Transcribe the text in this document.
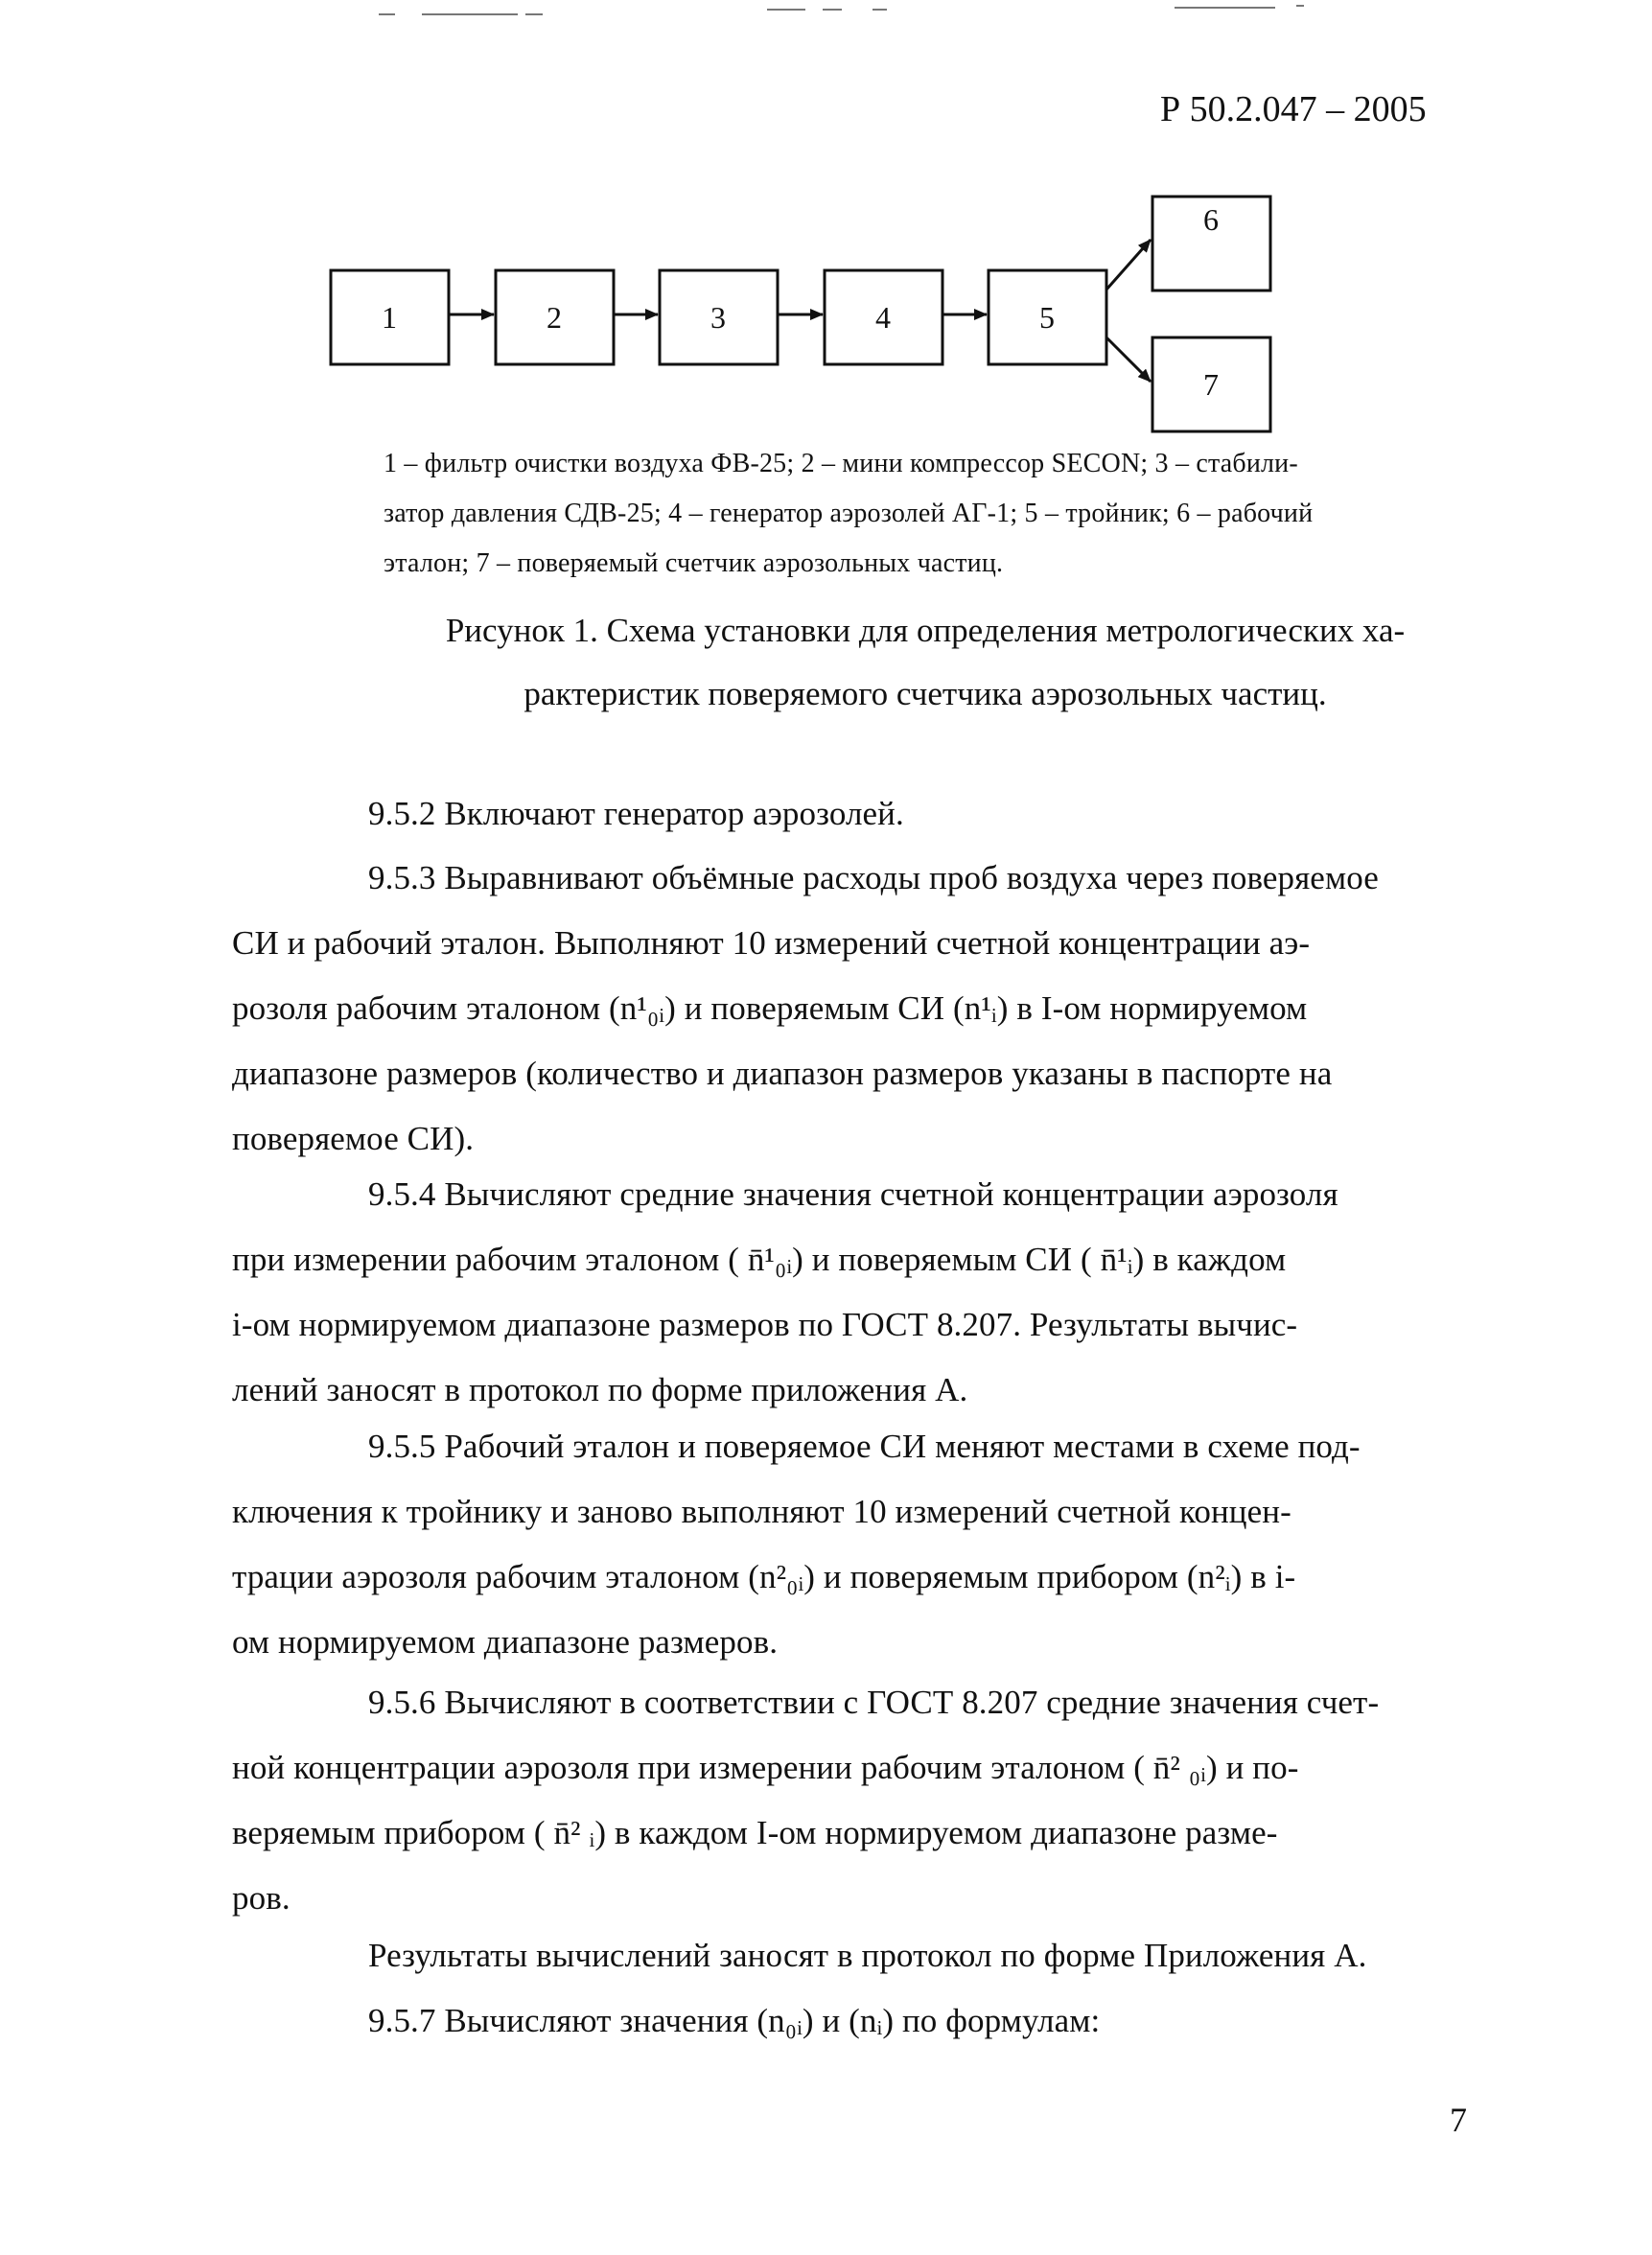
Р 50.2.047 – 2005
1	2	3	4	5
6
7
1 – фильтр очистки воздуха ФВ-25; 2 – мини компрессор SECON; 3 – стабили-
затор давления СДВ-25; 4 – генератор аэрозолей АГ-1; 5 – тройник; 6 – рабочий
эталон; 7 – поверяемый счетчик аэрозольных частиц.
Рисунок 1. Схема установки для определения метрологических ха-
рактеристик поверяемого счетчика аэрозольных частиц.
9.5.2 Включают генератор аэрозолей.
9.5.3 Выравнивают объёмные расходы проб воздуха через поверяемое
СИ и рабочий эталон. Выполняют 10 измерений счетной концентрации аэ-
розоля рабочим эталоном (n¹₀ᵢ) и поверяемым СИ (n¹ᵢ) в I-ом нормируемом
диапазоне размеров (количество и диапазон размеров указаны в паспорте на
поверяемое СИ).
9.5.4 Вычисляют средние значения счетной концентрации аэрозоля
при измерении рабочим эталоном ( n̄¹₀ᵢ) и поверяемым СИ ( n̄¹ᵢ) в каждом
i-ом нормируемом диапазоне размеров по ГОСТ 8.207. Результаты вычис-
лений заносят в протокол по форме приложения А.
9.5.5 Рабочий эталон и поверяемое СИ меняют местами в схеме под-
ключения к тройнику и заново выполняют 10 измерений счетной концен-
трации аэрозоля рабочим эталоном (n²₀ᵢ) и поверяемым прибором (n²ᵢ) в i-
ом нормируемом диапазоне размеров.
9.5.6 Вычисляют в соответствии с ГОСТ 8.207 средние значения счет-
ной концентрации аэрозоля при измерении рабочим эталоном ( n̄² ₀ᵢ) и по-
веряемым прибором ( n̄² ᵢ) в каждом I-ом нормируемом диапазоне разме-
ров.
Результаты вычислений заносят в протокол по форме Приложения А.
9.5.7 Вычисляют значения (n₀ᵢ) и (nᵢ) по формулам:
7
